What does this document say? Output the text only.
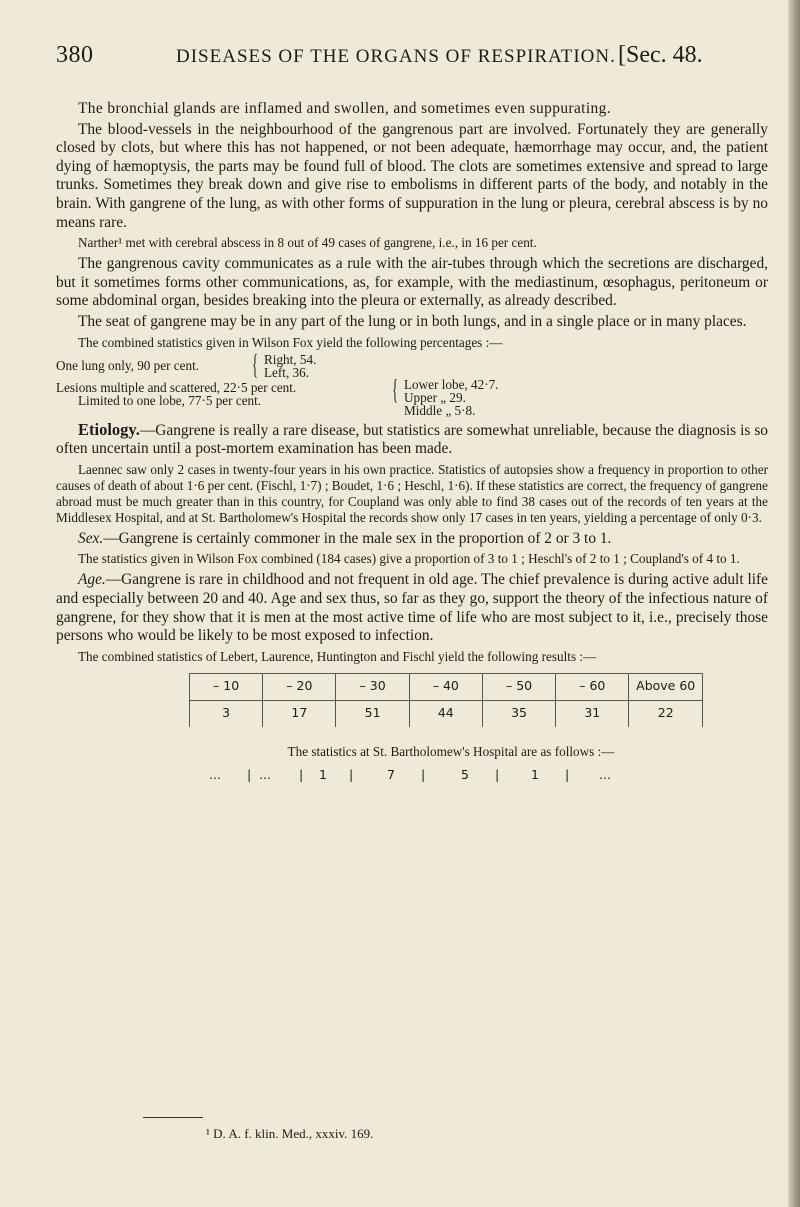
380	DISEASES OF THE ORGANS OF RESPIRATION. [Sec. 48.

The bronchial glands are inflamed and swollen, and sometimes even suppurating.

The blood-vessels in the neighbourhood of the gangrenous part are involved. Fortunately they are generally closed by clots, but where this has not happened, or not been adequate, hæmorrhage may occur, and, the patient dying of hæmoptysis, the parts may be found full of blood. The clots are sometimes extensive and spread to large trunks. Sometimes they break down and give rise to embolisms in different parts of the body, and notably in the brain. With gangrene of the lung, as with other forms of suppuration in the lung or pleura, cerebral abscess is by no means rare.

Narther¹ met with cerebral abscess in 8 out of 49 cases of gangrene, i.e., in 16 per cent.

The gangrenous cavity communicates as a rule with the air-tubes through which the secretions are discharged, but it sometimes forms other communications, as, for example, with the mediastinum, œsophagus, peritoneum or some abdominal organ, besides breaking into the pleura or externally, as already described.

The seat of gangrene may be in any part of the lung or in both lungs, and in a single place or in many places.

The combined statistics given in Wilson Fox yield the following percentages :—

One lung only, 90 per cent. { Right, 54.
Left, 36.
Lesions multiple and scattered, 22·5 per cent.
Limited to one lobe, 77·5 per cent.	{ Lower lobe, 42·7.
Upper „ 29.
Middle „ 5·8.

Etiology.—Gangrene is really a rare disease, but statistics are somewhat unreliable, because the diagnosis is so often uncertain until a post-mortem examination has been made.

Laennec saw only 2 cases in twenty-four years in his own practice. Statistics of autopsies show a frequency in proportion to other causes of death of about 1·6 per cent. (Fischl, 1·7) ; Boudet, 1·6 ; Heschl, 1·6). If these statistics are correct, the frequency of gangrene abroad must be much greater than in this country, for Coupland was only able to find 38 cases out of the records of ten years at the Middlesex Hospital, and at St. Bartholomew's Hospital the records show only 17 cases in ten years, yielding a percentage of only 0·3.

Sex.—Gangrene is certainly commoner in the male sex in the proportion of 2 or 3 to 1.

The statistics given in Wilson Fox combined (184 cases) give a proportion of 3 to 1 ; Heschl's of 2 to 1 ; Coupland's of 4 to 1.

Age.—Gangrene is rare in childhood and not frequent in old age. The chief prevalence is during active adult life and especially between 20 and 40. Age and sex thus, so far as they go, support the theory of the infectious nature of gangrene, for they show that it is men at the most active time of life who are most subject to it, i.e., precisely those persons who would be likely to be most exposed to infection.

The combined statistics of Lebert, Laurence, Huntington and Fischl yield the following results :—

– 10	– 20	– 30	– 40	– 50	– 60	Above 60
3	17	51	44	35	31	22
The statistics at St. Bartholomew's Hospital are as follows :—
... | ... | 1 |	7 |	5 |	1 | ...
¹ D. A. f. klin. Med., xxxiv. 169.
